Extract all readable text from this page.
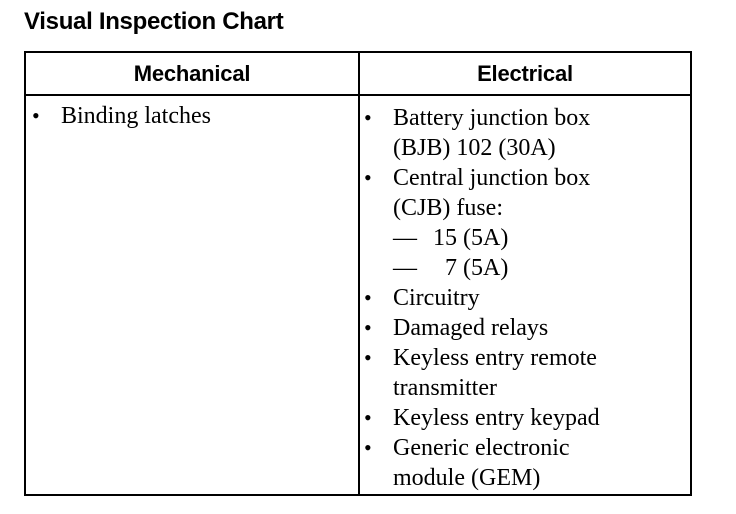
Visual Inspection Chart
Mechanical	Electrical
• Binding latches	• Battery junction box
(BJB) 102 (30A)
• Central junction box
(CJB) fuse:
— 15 (5A)
— 7 (5A)
• Circuitry
• Damaged relays
• Keyless entry remote
transmitter
• Keyless entry keypad
• Generic electronic
module (GEM)
